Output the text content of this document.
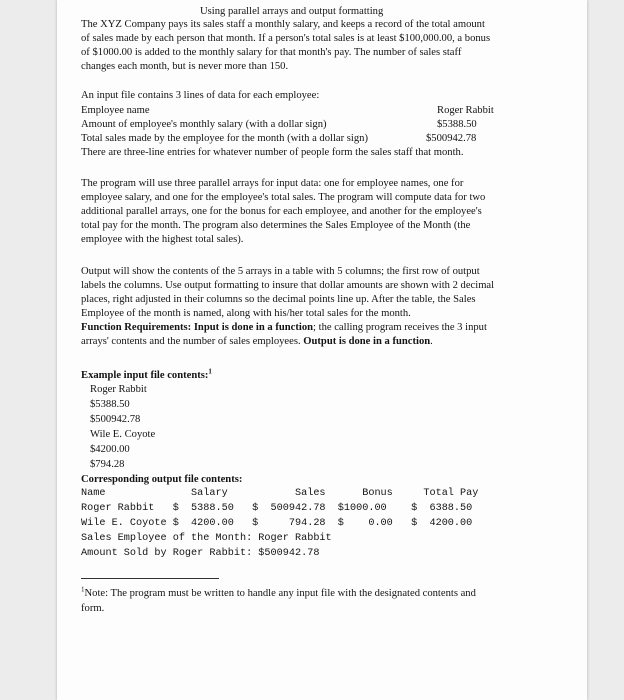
Using parallel arrays and output formatting
The XYZ Company pays its sales staff a monthly salary, and keeps a record of the total amount
of sales made by each person that month. If a person's total sales is at least $100,000.00, a bonus
of $1000.00 is added to the monthly salary for that month's pay. The number of sales staff
changes each month, but is never more than 150.
An input file contains 3 lines of data for each employee:
Employee name	Roger Rabbit
Amount of employee's monthly salary (with a dollar sign)	$5388.50
Total sales made by the employee for the month (with a dollar sign)	$500942.78
There are three-line entries for whatever number of people form the sales staff that month.
The program will use three parallel arrays for input data: one for employee names, one for
employee salary, and one for the employee's total sales. The program will compute data for two
additional parallel arrays, one for the bonus for each employee, and another for the employee's
total pay for the month. The program also determines the Sales Employee of the Month (the
employee with the highest total sales).
Output will show the contents of the 5 arrays in a table with 5 columns; the first row of output
labels the columns. Use output formatting to insure that dollar amounts are shown with 2 decimal
places, right adjusted in their columns so the decimal points line up. After the table, the Sales
Employee of the month is named, along with his/her total sales for the month.
Function Requirements: Input is done in a function; the calling program receives the 3 input
arrays' contents and the number of sales employees. Output is done in a function.
Example input file contents:$^1$
Roger Rabbit
$5388.50
$500942.78
Wile E. Coyote
$4200.00
$794.28
Corresponding output file contents:
Name              Salary           Sales      Bonus     Total Pay
Roger Rabbit   $  5388.50   $  500942.78  $1000.00    $  6388.50
Wile E. Coyote $  4200.00   $     794.28  $    0.00   $  4200.00
Sales Employee of the Month: Roger Rabbit
Amount Sold by Roger Rabbit: $500942.78
$^1$Note: The program must be written to handle any input file with the designated contents and
form.
